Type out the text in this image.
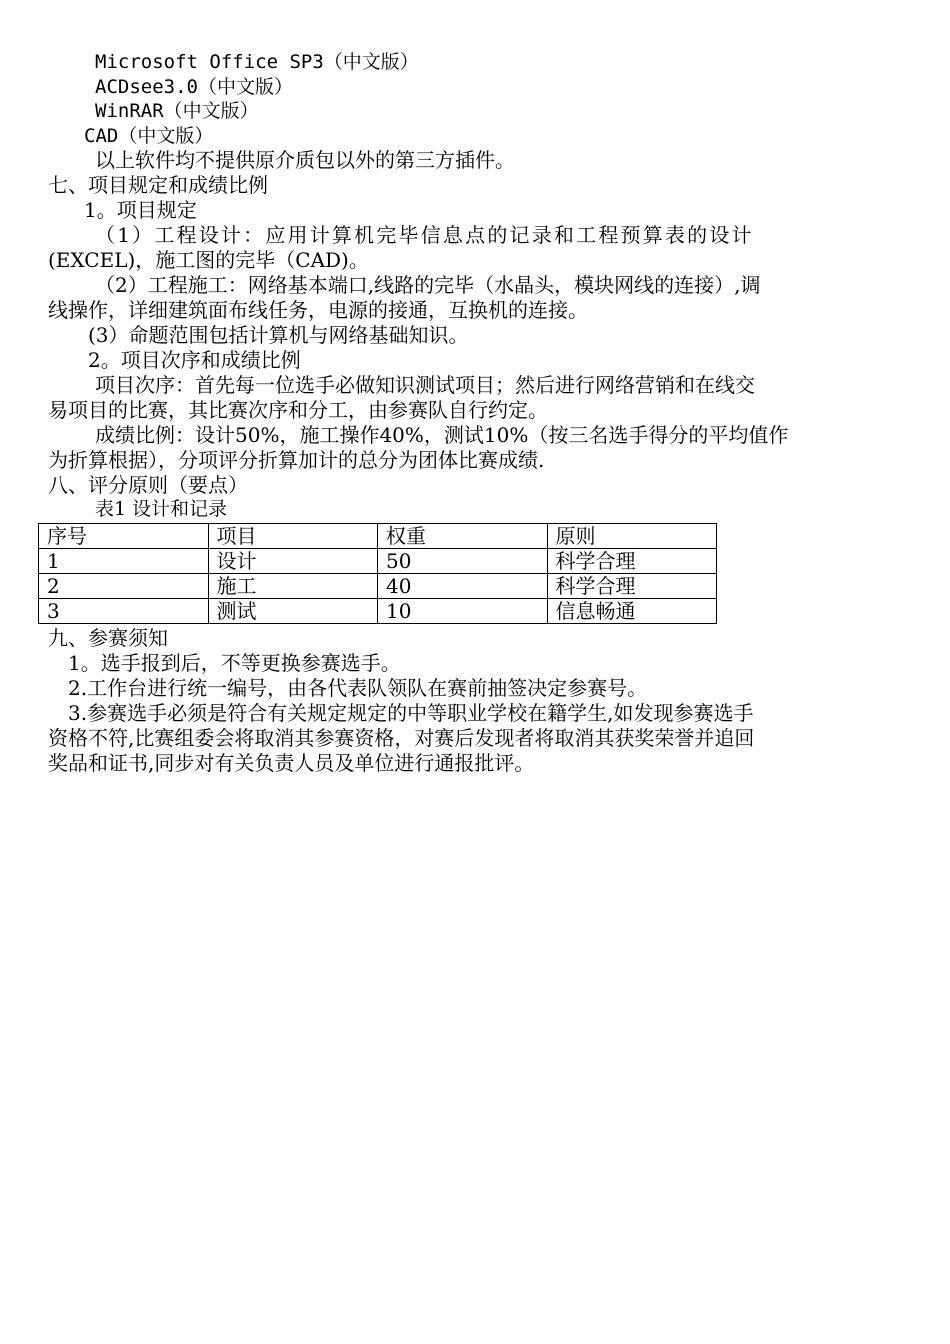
Microsoft Office SP3（中文版）
ACDsee3.0（中文版）
WinRAR（中文版）
CAD（中文版）
以上软件均不提供原介质包以外的第三方插件。
七、项目规定和成绩比例
1。项目规定
（1）工程设计：应用计算机完毕信息点的记录和工程预算表的设计
(EXCEL)，施工图的完毕（CAD)。
（2）工程施工：网络基本端口,线路的完毕（水晶头，模块网线的连接）,调
线操作，详细建筑面布线任务，电源的接通，互换机的连接。
(3）命题范围包括计算机与网络基础知识。
2。项目次序和成绩比例
项目次序：首先每一位选手必做知识测试项目；然后进行网络营销和在线交
易项目的比赛，其比赛次序和分工，由参赛队自行约定。
成绩比例：设计50%，施工操作40%，测试10%（按三名选手得分的平均值作
为折算根据），分项评分折算加计的总分为团体比赛成绩.
八、评分原则（要点）
表1 设计和记录
序号	项目	权重	原则
1	设计	50	科学合理
2	施工	40	科学合理
3	测试	10	信息畅通
九、参赛须知
1。选手报到后，不等更换参赛选手。
2.工作台进行统一编号，由各代表队领队在赛前抽签决定参赛号。
3.参赛选手必须是符合有关规定规定的中等职业学校在籍学生,如发现参赛选手
资格不符,比赛组委会将取消其参赛资格，对赛后发现者将取消其获奖荣誉并追回
奖品和证书,同步对有关负责人员及单位进行通报批评。
